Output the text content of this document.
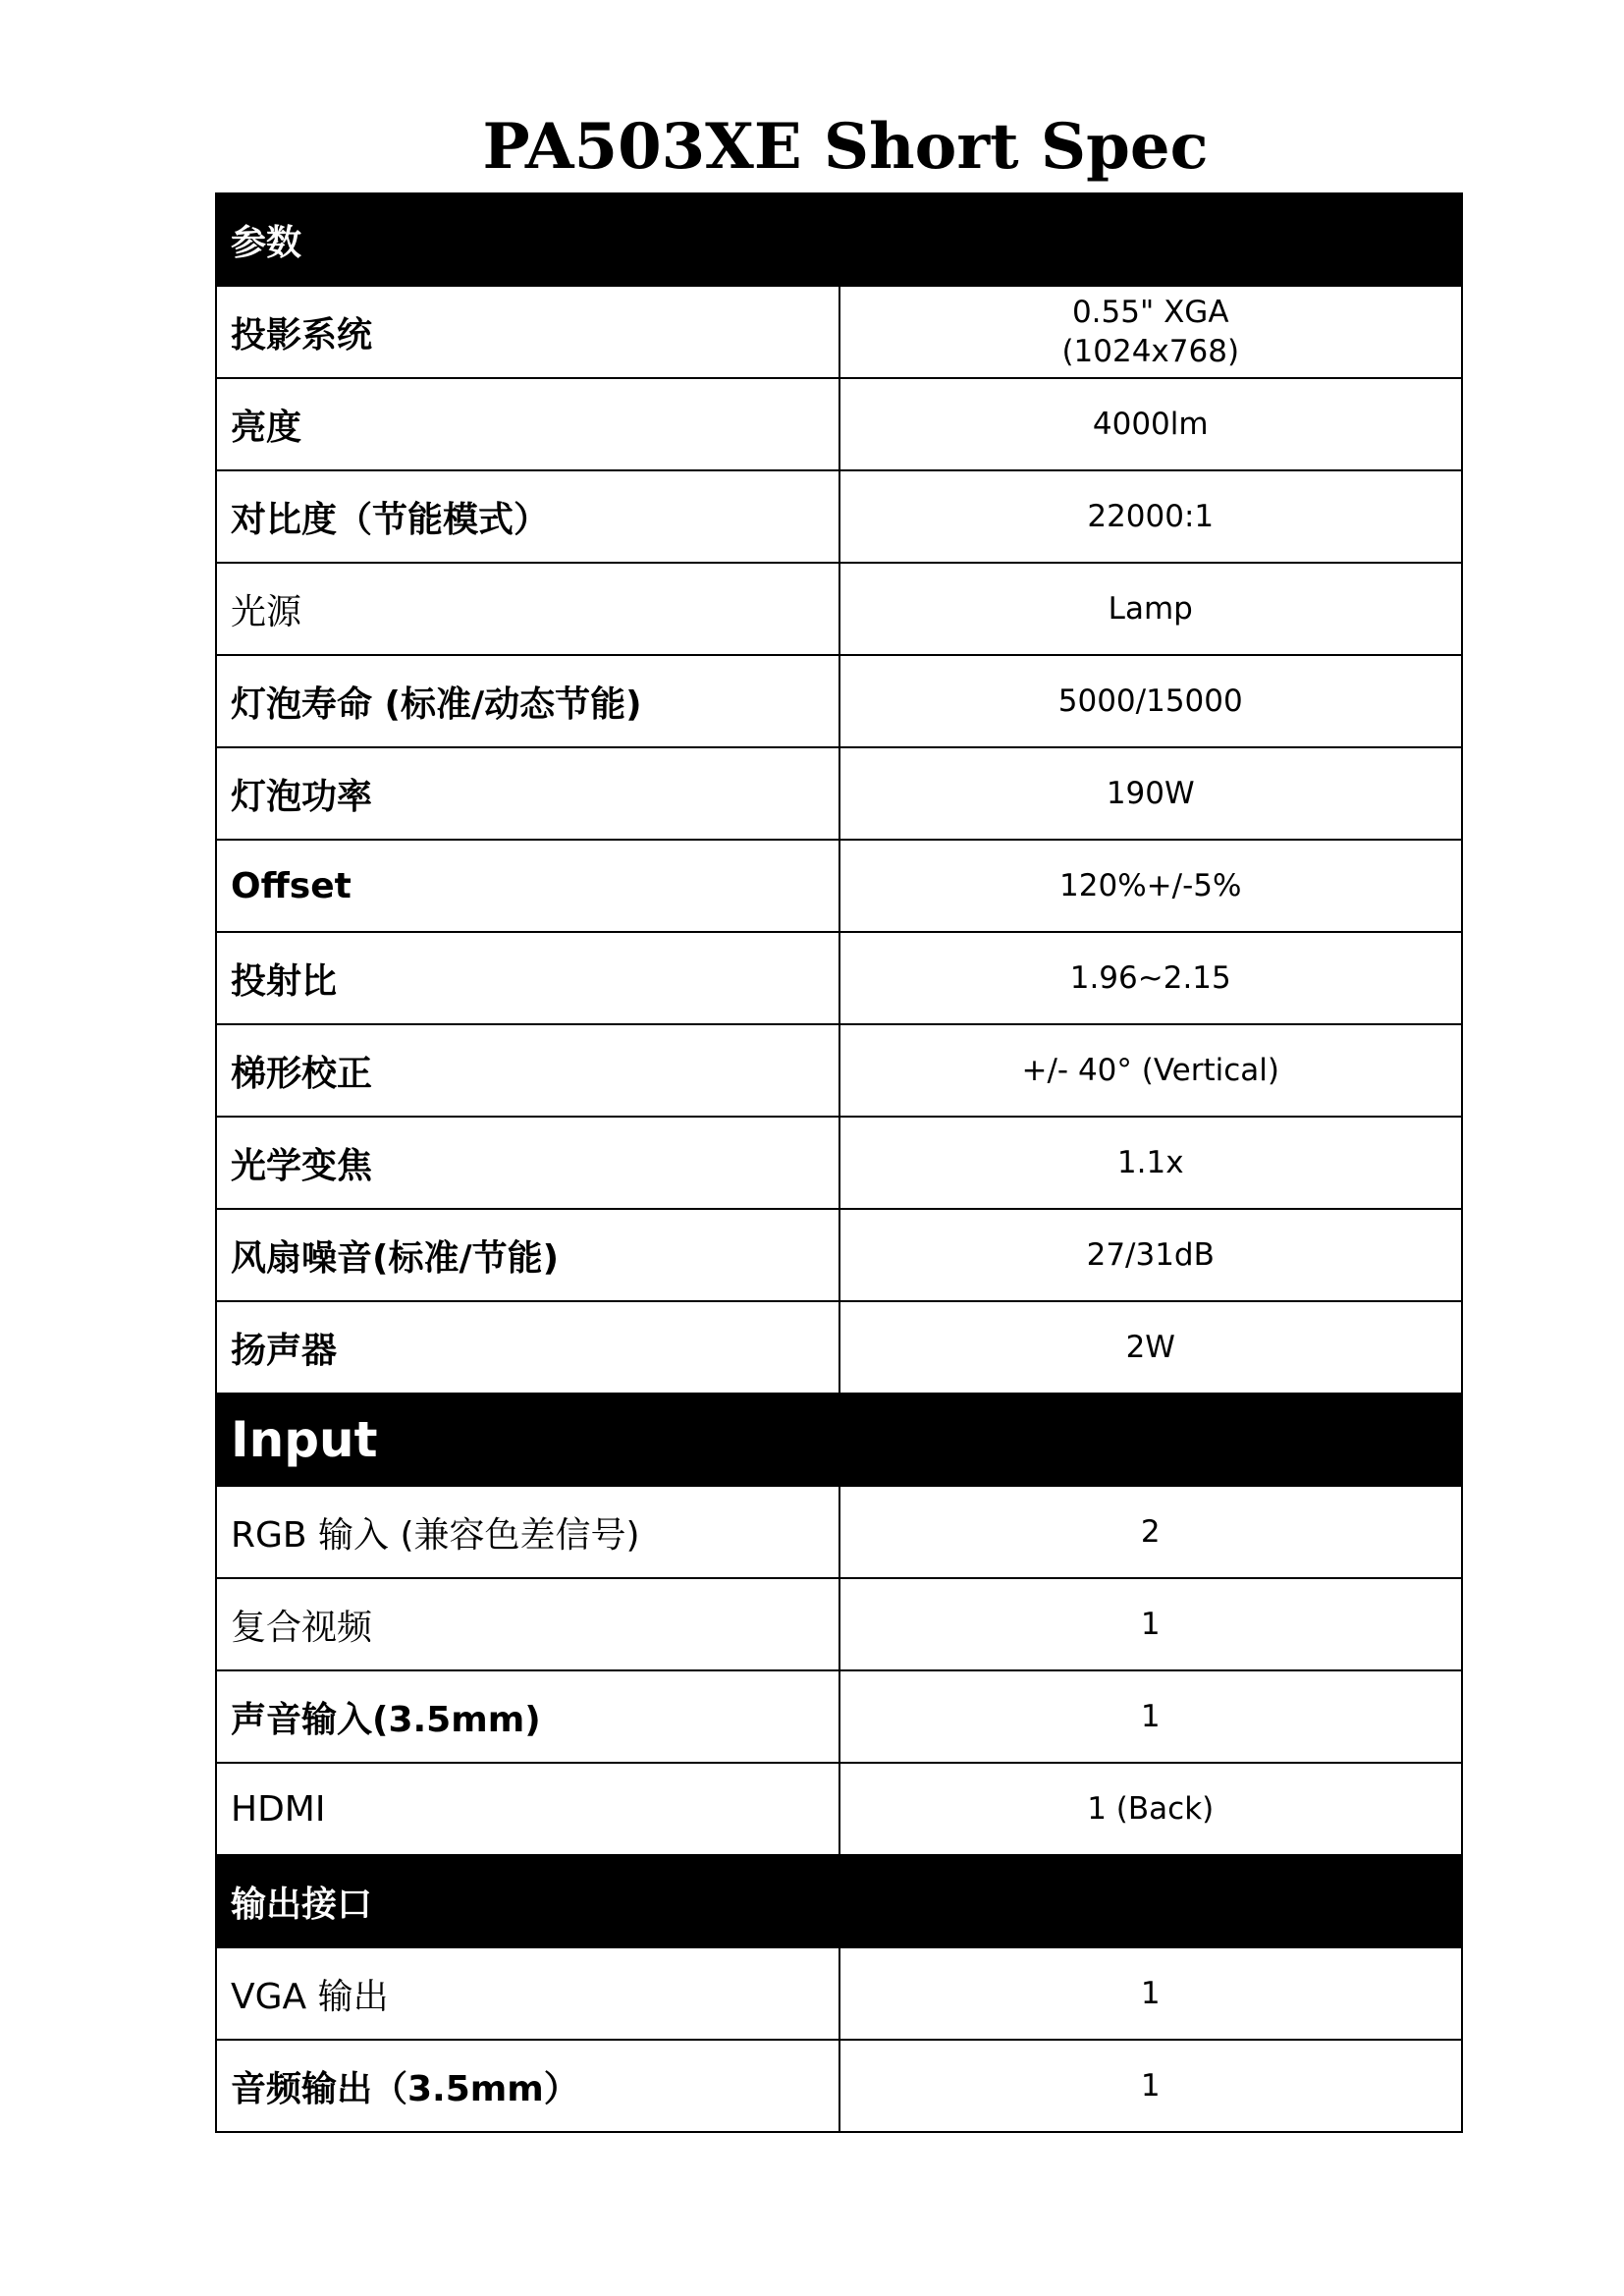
PA503XE Short Spec
参数	
投影系统	0.55" XGA
(1024x768)

亮度	4000lm
对比度（节能模式）	22000:1
光源	Lamp
灯泡寿命 (标准/动态节能)	5000/15000
灯泡功率	190W
Offset	120%+/-5%
投射比	1.96~2.15
梯形校正	+/- 40° (Vertical)
光学变焦	1.1x
风扇噪音(标准/节能)	27/31dB
扬声器	2W
Input	
RGB 输入 (兼容色差信号)	2
复合视频	1
声音输入(3.5mm)	1
HDMI	1 (Back)
输出接口	
VGA 输出	1
音频输出（3.5mm）	1
